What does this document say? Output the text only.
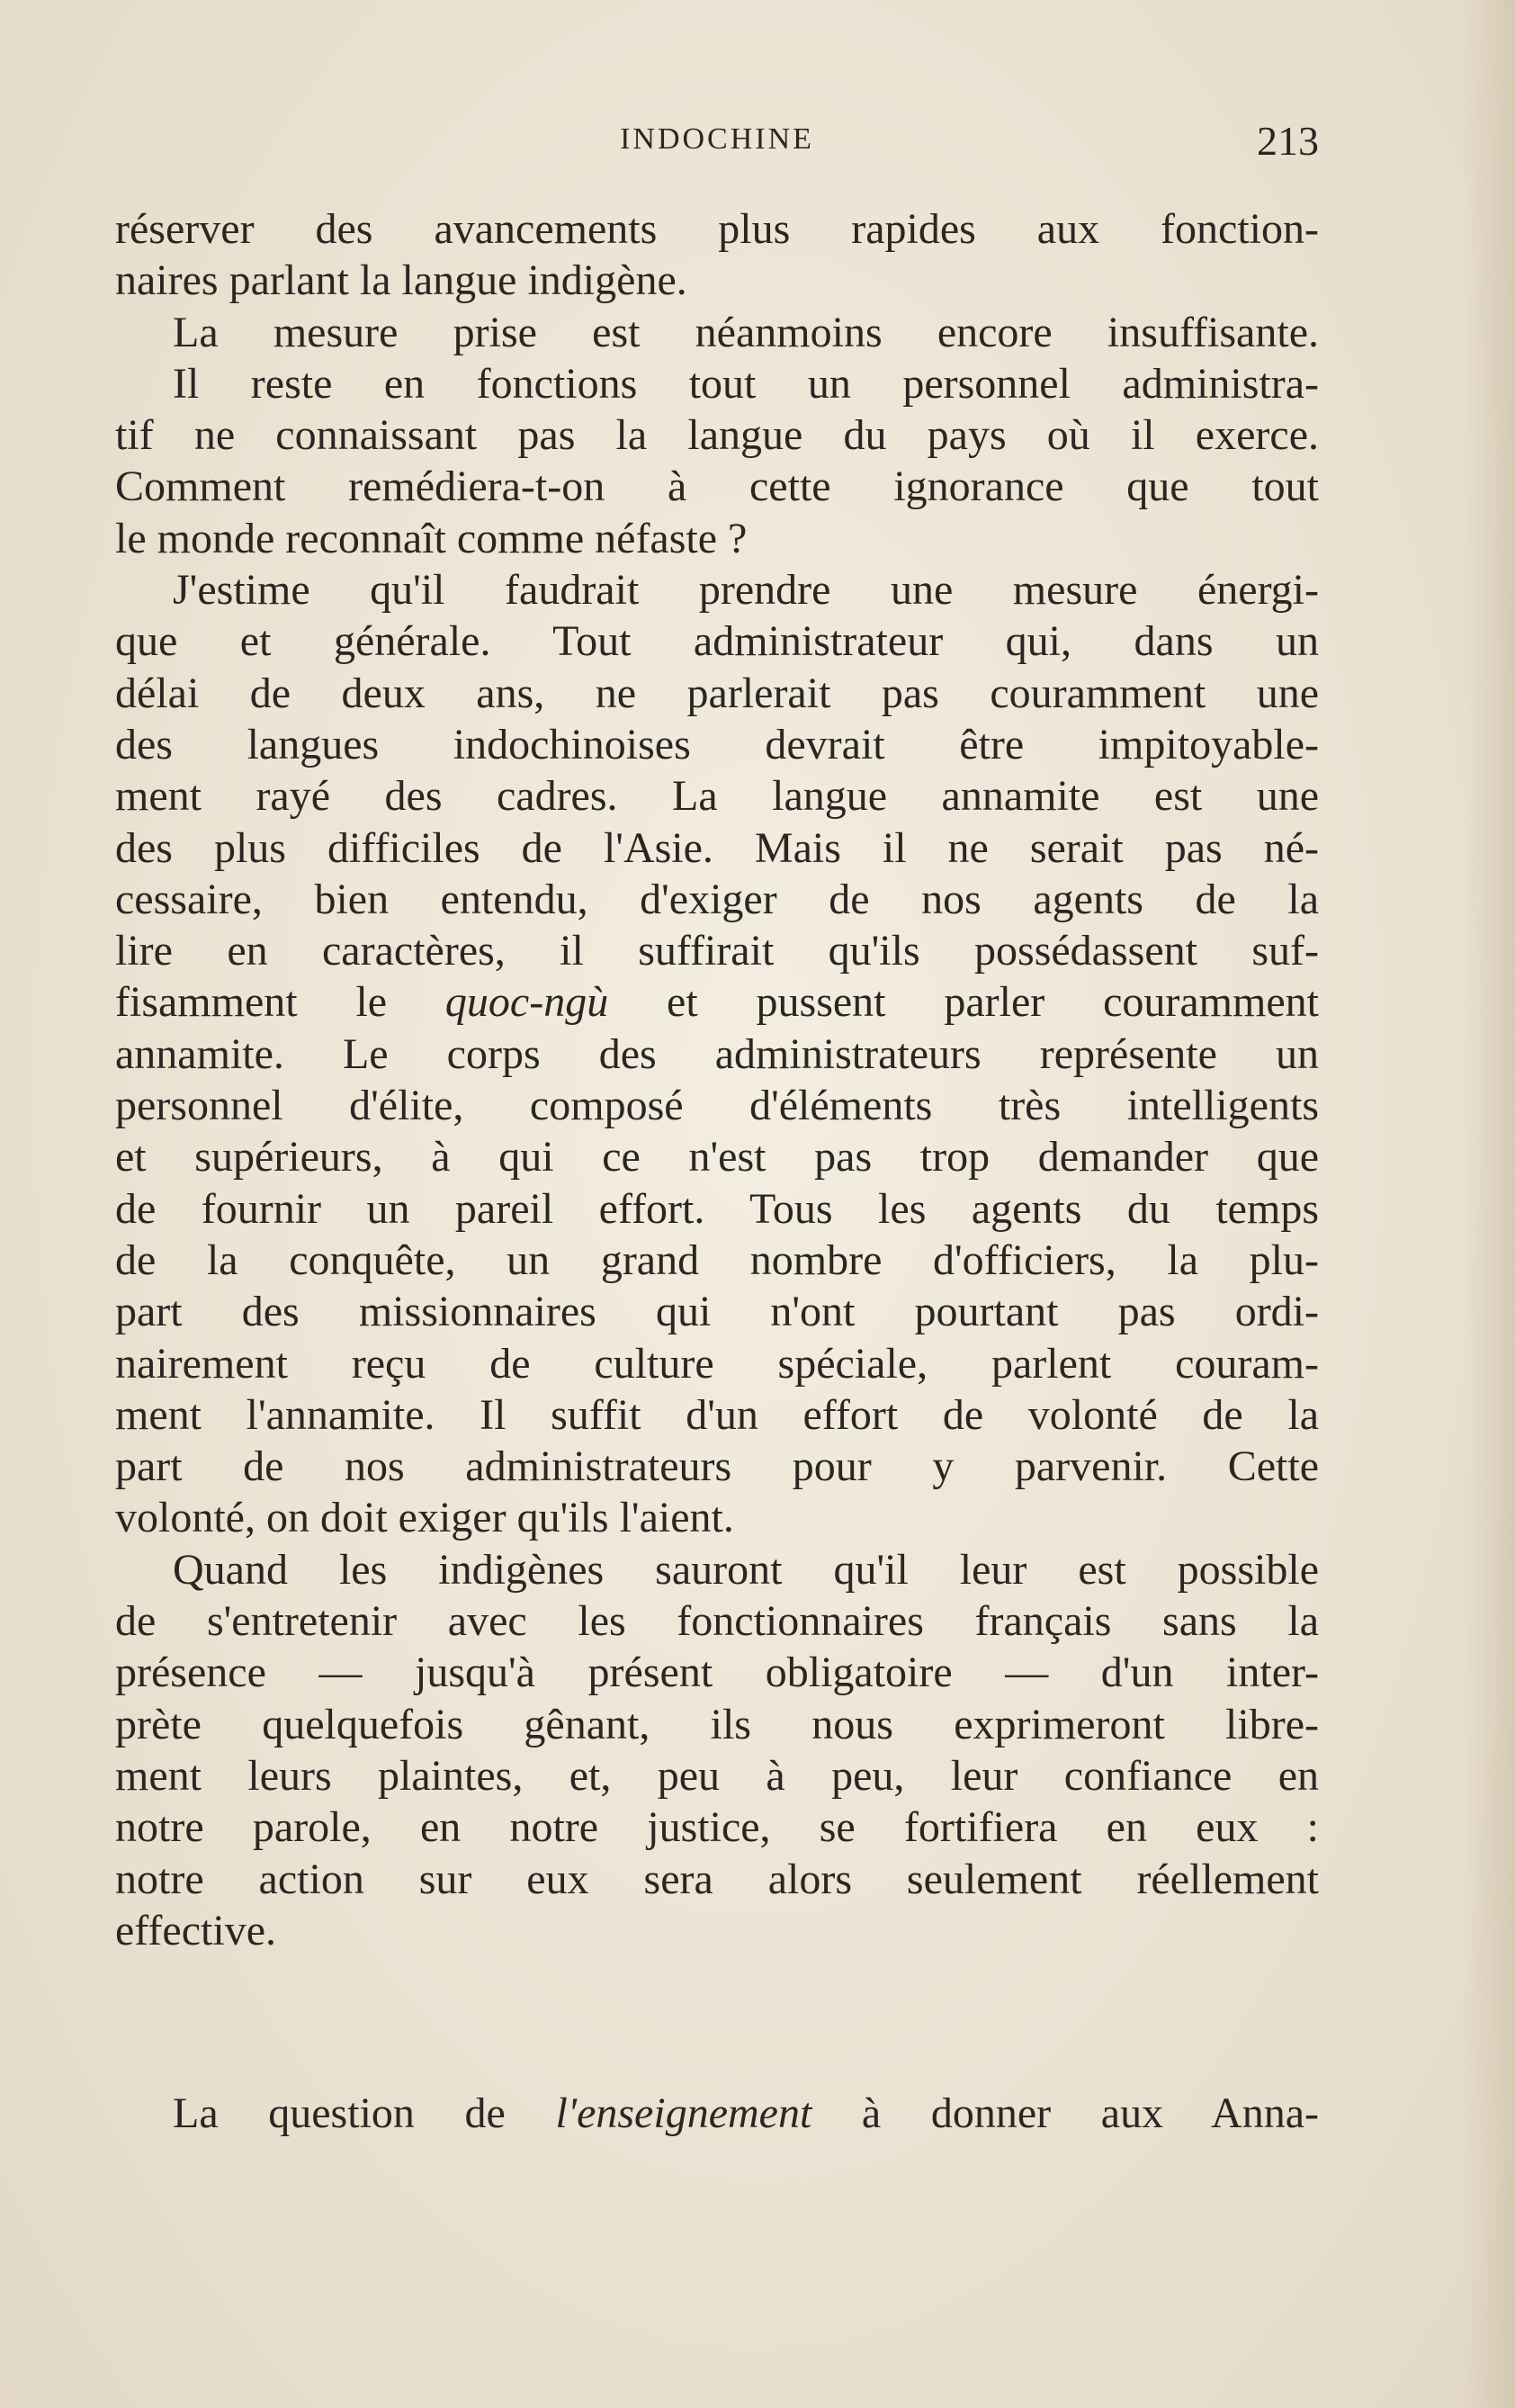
INDOCHINE	213
réserver des avancements plus rapides aux fonction-
naires parlant la langue indigène.
La mesure prise est néanmoins encore insuffisante.
Il reste en fonctions tout un personnel administra-
tif ne connaissant pas la langue du pays où il exerce.
Comment remédiera-t-on à cette ignorance que tout
le monde reconnaît comme néfaste ?
J'estime qu'il faudrait prendre une mesure énergi-
que et générale. Tout administrateur qui, dans un
délai de deux ans, ne parlerait pas couramment une
des langues indochinoises devrait être impitoyable-
ment rayé des cadres. La langue annamite est une
des plus difficiles de l'Asie. Mais il ne serait pas né-
cessaire, bien entendu, d'exiger de nos agents de la
lire en caractères, il suffirait qu'ils possédassent suf-
fisamment le quoc-ngù et pussent parler couramment
annamite. Le corps des administrateurs représente un
personnel d'élite, composé d'éléments très intelligents
et supérieurs, à qui ce n'est pas trop demander que
de fournir un pareil effort. Tous les agents du temps
de la conquête, un grand nombre d'officiers, la plu-
part des missionnaires qui n'ont pourtant pas ordi-
nairement reçu de culture spéciale, parlent couram-
ment l'annamite. Il suffit d'un effort de volonté de la
part de nos administrateurs pour y parvenir. Cette
volonté, on doit exiger qu'ils l'aient.
Quand les indigènes sauront qu'il leur est possible
de s'entretenir avec les fonctionnaires français sans la
présence — jusqu'à présent obligatoire — d'un inter-
prète quelquefois gênant, ils nous exprimeront libre-
ment leurs plaintes, et, peu à peu, leur confiance en
notre parole, en notre justice, se fortifiera en eux :
notre action sur eux sera alors seulement réellement
effective.
La question de l'enseignement à donner aux Anna-
